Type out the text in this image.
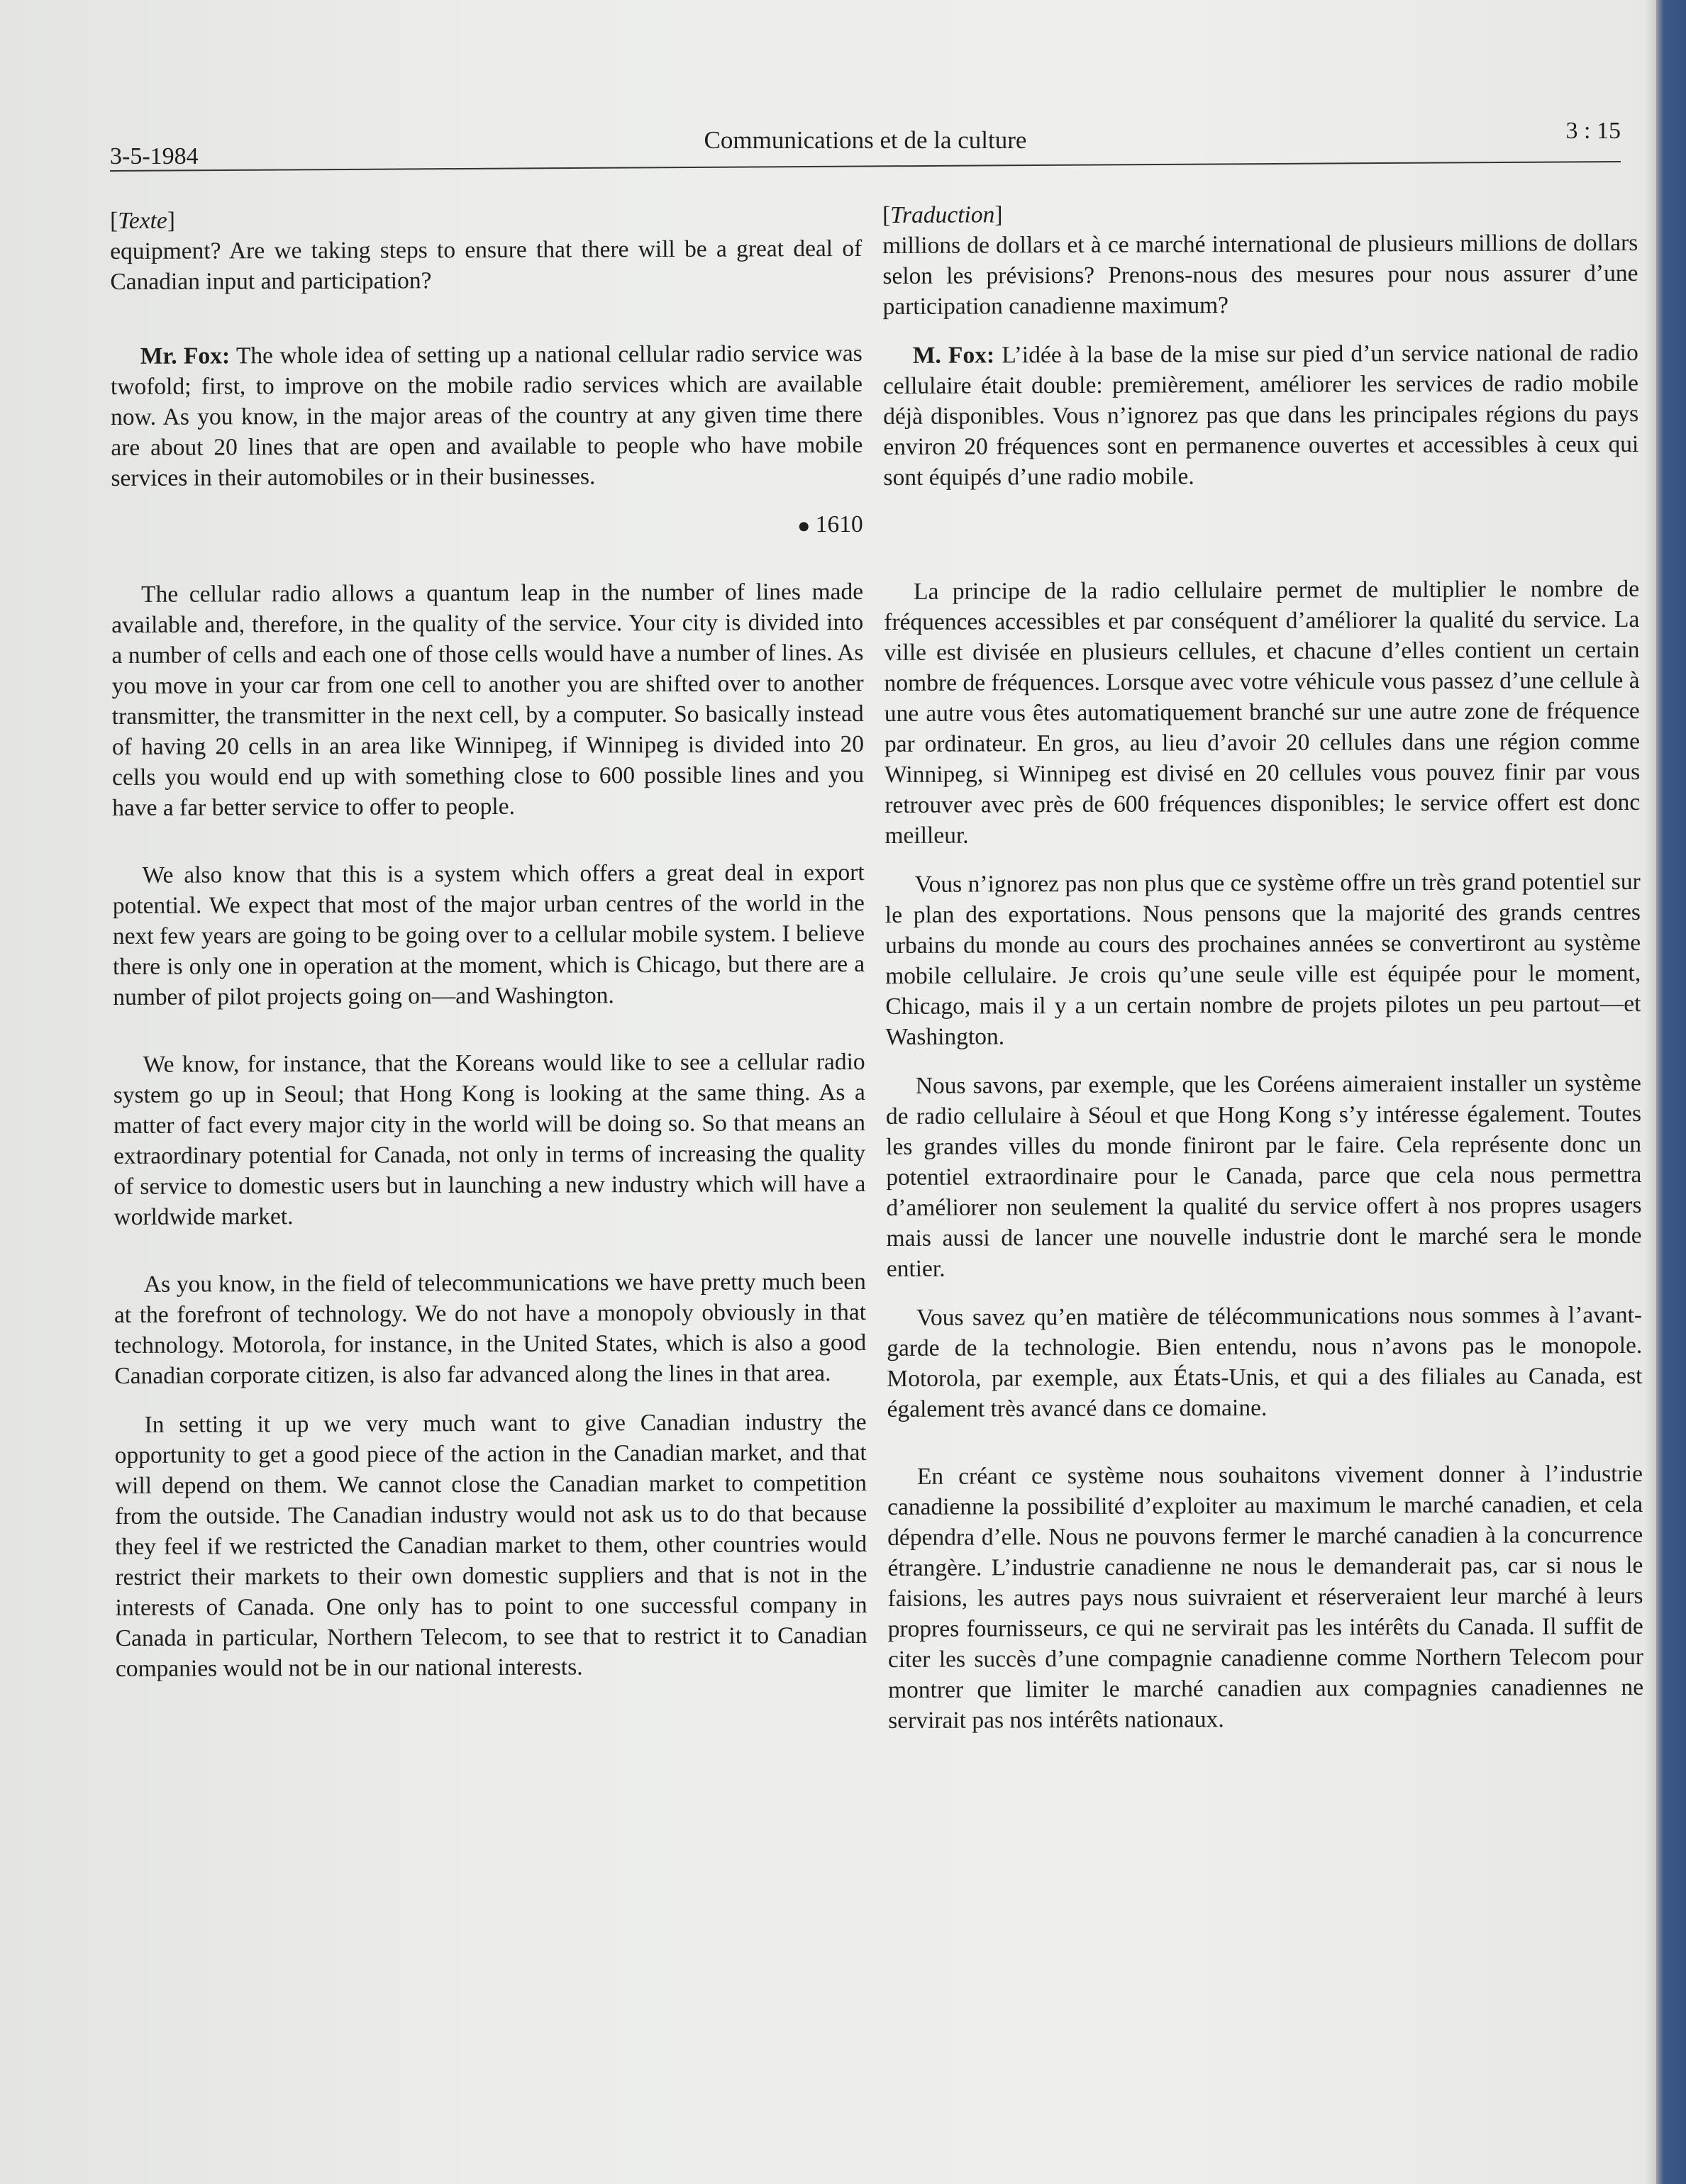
3-5-1984
Communications et de la culture	3 : 15

[Texte]

equipment? Are we taking steps to ensure that there will be a great deal of Canadian input and participation?

Mr. Fox: The whole idea of setting up a national cellular radio service was twofold; first, to improve on the mobile radio services which are available now. As you know, in the major areas of the country at any given time there are about 20 lines that are open and available to people who have mobile services in their automobiles or in their businesses.

1610

The cellular radio allows a quantum leap in the number of lines made available and, therefore, in the quality of the service. Your city is divided into a number of cells and each one of those cells would have a number of lines. As you move in your car from one cell to another you are shifted over to another transmitter, the transmitter in the next cell, by a computer. So basically instead of having 20 cells in an area like Winnipeg, if Winnipeg is divided into 20 cells you would end up with something close to 600 possible lines and you have a far better service to offer to people.

We also know that this is a system which offers a great deal in export potential. We expect that most of the major urban centres of the world in the next few years are going to be going over to a cellular mobile system. I believe there is only one in operation at the moment, which is Chicago, but there are a number of pilot projects going on—and Washington.

We know, for instance, that the Koreans would like to see a cellular radio system go up in Seoul; that Hong Kong is looking at the same thing. As a matter of fact every major city in the world will be doing so. So that means an extraordinary potential for Canada, not only in terms of increasing the quality of service to domestic users but in launching a new industry which will have a worldwide market.

As you know, in the field of telecommunications we have pretty much been at the forefront of technology. We do not have a monopoly obviously in that technology. Motorola, for instance, in the United States, which is also a good Canadian corporate citizen, is also far advanced along the lines in that area.

In setting it up we very much want to give Canadian industry the opportunity to get a good piece of the action in the Canadian market, and that will depend on them. We cannot close the Canadian market to competition from the outside. The Canadian industry would not ask us to do that because they feel if we restricted the Canadian market to them, other countries would restrict their markets to their own domestic suppliers and that is not in the interests of Canada. One only has to point to one successful company in Canada in particular, Northern Telecom, to see that to restrict it to Canadian companies would not be in our national interests.

[Traduction]

millions de dollars et à ce marché international de plusieurs millions de dollars selon les prévisions? Prenons-nous des mesures pour nous assurer d’une participation canadienne maximum?

M. Fox: L’idée à la base de la mise sur pied d’un service national de radio cellulaire était double: premièrement, améliorer les services de radio mobile déjà disponibles. Vous n’ignorez pas que dans les principales régions du pays environ 20 fréquences sont en permanence ouvertes et accessibles à ceux qui sont équipés d’une radio mobile.

La principe de la radio cellulaire permet de multiplier le nombre de fréquences accessibles et par conséquent d’améliorer la qualité du service. La ville est divisée en plusieurs cellules, et chacune d’elles contient un certain nombre de fréquences. Lorsque avec votre véhicule vous passez d’une cellule à une autre vous êtes automatiquement branché sur une autre zone de fréquence par ordinateur. En gros, au lieu d’avoir 20 cellules dans une région comme Winnipeg, si Winnipeg est divisé en 20 cellules vous pouvez finir par vous retrouver avec près de 600 fréquences disponibles; le service offert est donc meilleur.

Vous n’ignorez pas non plus que ce système offre un très grand potentiel sur le plan des exportations. Nous pensons que la majorité des grands centres urbains du monde au cours des prochaines années se convertiront au système mobile cellulaire. Je crois qu’une seule ville est équipée pour le moment, Chicago, mais il y a un certain nombre de projets pilotes un peu partout—et Washington.

Nous savons, par exemple, que les Coréens aimeraient installer un système de radio cellulaire à Séoul et que Hong Kong s’y intéresse également. Toutes les grandes villes du monde finiront par le faire. Cela représente donc un potentiel extraordinaire pour le Canada, parce que cela nous permettra d’améliorer non seulement la qualité du service offert à nos propres usagers mais aussi de lancer une nouvelle industrie dont le marché sera le monde entier.

Vous savez qu’en matière de télécommunications nous sommes à l’avant-garde de la technologie. Bien entendu, nous n’avons pas le monopole. Motorola, par exemple, aux États-Unis, et qui a des filiales au Canada, est également très avancé dans ce domaine.

En créant ce système nous souhaitons vivement donner à l’industrie canadienne la possibilité d’exploiter au maximum le marché canadien, et cela dépendra d’elle. Nous ne pouvons fermer le marché canadien à la concurrence étrangère. L’industrie canadienne ne nous le demanderait pas, car si nous le faisions, les autres pays nous suivraient et réserveraient leur marché à leurs propres fournisseurs, ce qui ne servirait pas les intérêts du Canada. Il suffit de citer les succès d’une compagnie canadienne comme Northern Telecom pour montrer que limiter le marché canadien aux compagnies canadiennes ne servirait pas nos intérêts nationaux.
